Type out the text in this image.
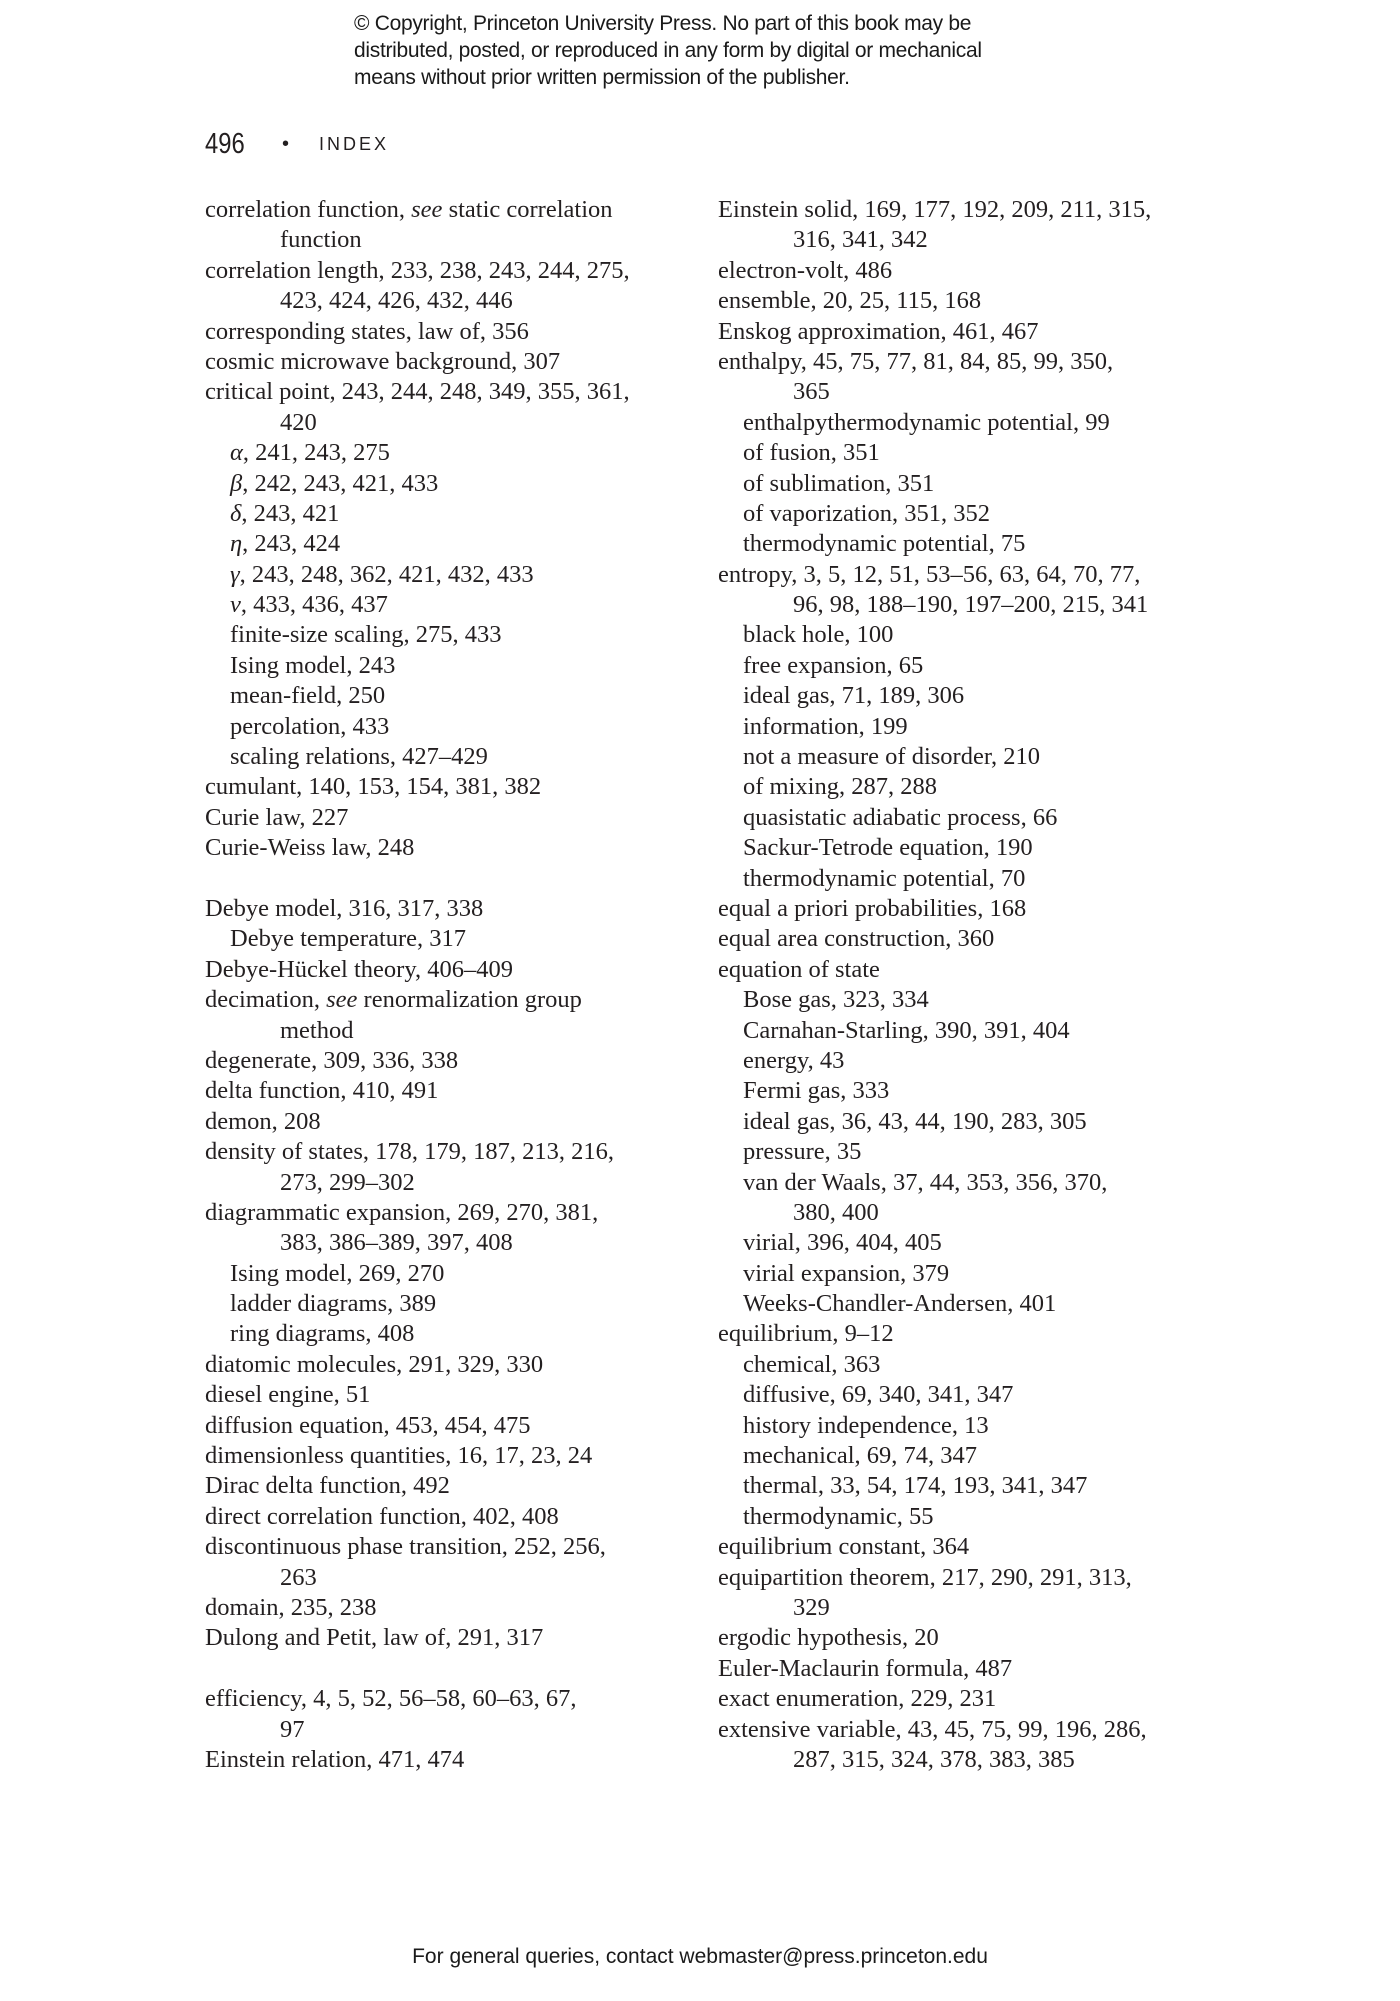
© Copyright, Princeton University Press. No part of this book may be
distributed, posted, or reproduced in any form by digital or mechanical
means without prior written permission of the publisher.
496	• INDEX
correlation function, see static correlation
function
correlation length, 233, 238, 243, 244, 275,
423, 424, 426, 432, 446
corresponding states, law of, 356
cosmic microwave background, 307
critical point, 243, 244, 248, 349, 355, 361,
420
α, 241, 243, 275
β, 242, 243, 421, 433
δ, 243, 421
η, 243, 424
γ, 243, 248, 362, 421, 432, 433
ν, 433, 436, 437
finite-size scaling, 275, 433
Ising model, 243
mean-field, 250
percolation, 433
scaling relations, 427–429
cumulant, 140, 153, 154, 381, 382
Curie law, 227
Curie-Weiss law, 248
Debye model, 316, 317, 338
Debye temperature, 317
Debye-Hückel theory, 406–409
decimation, see renormalization group
method
degenerate, 309, 336, 338
delta function, 410, 491
demon, 208
density of states, 178, 179, 187, 213, 216,
273, 299–302
diagrammatic expansion, 269, 270, 381,
383, 386–389, 397, 408
Ising model, 269, 270
ladder diagrams, 389
ring diagrams, 408
diatomic molecules, 291, 329, 330
diesel engine, 51
diffusion equation, 453, 454, 475
dimensionless quantities, 16, 17, 23, 24
Dirac delta function, 492
direct correlation function, 402, 408
discontinuous phase transition, 252, 256,
263
domain, 235, 238
Dulong and Petit, law of, 291, 317
efficiency, 4, 5, 52, 56–58, 60–63, 67,
97
Einstein relation, 471, 474
Einstein solid, 169, 177, 192, 209, 211, 315,
316, 341, 342
electron-volt, 486
ensemble, 20, 25, 115, 168
Enskog approximation, 461, 467
enthalpy, 45, 75, 77, 81, 84, 85, 99, 350,
365
enthalpythermodynamic potential, 99
of fusion, 351
of sublimation, 351
of vaporization, 351, 352
thermodynamic potential, 75
entropy, 3, 5, 12, 51, 53–56, 63, 64, 70, 77,
96, 98, 188–190, 197–200, 215, 341
black hole, 100
free expansion, 65
ideal gas, 71, 189, 306
information, 199
not a measure of disorder, 210
of mixing, 287, 288
quasistatic adiabatic process, 66
Sackur-Tetrode equation, 190
thermodynamic potential, 70
equal a priori probabilities, 168
equal area construction, 360
equation of state
Bose gas, 323, 334
Carnahan-Starling, 390, 391, 404
energy, 43
Fermi gas, 333
ideal gas, 36, 43, 44, 190, 283, 305
pressure, 35
van der Waals, 37, 44, 353, 356, 370,
380, 400
virial, 396, 404, 405
virial expansion, 379
Weeks-Chandler-Andersen, 401
equilibrium, 9–12
chemical, 363
diffusive, 69, 340, 341, 347
history independence, 13
mechanical, 69, 74, 347
thermal, 33, 54, 174, 193, 341, 347
thermodynamic, 55
equilibrium constant, 364
equipartition theorem, 217, 290, 291, 313,
329
ergodic hypothesis, 20
Euler-Maclaurin formula, 487
exact enumeration, 229, 231
extensive variable, 43, 45, 75, 99, 196, 286,
287, 315, 324, 378, 383, 385
For general queries, contact webmaster@press.princeton.edu
